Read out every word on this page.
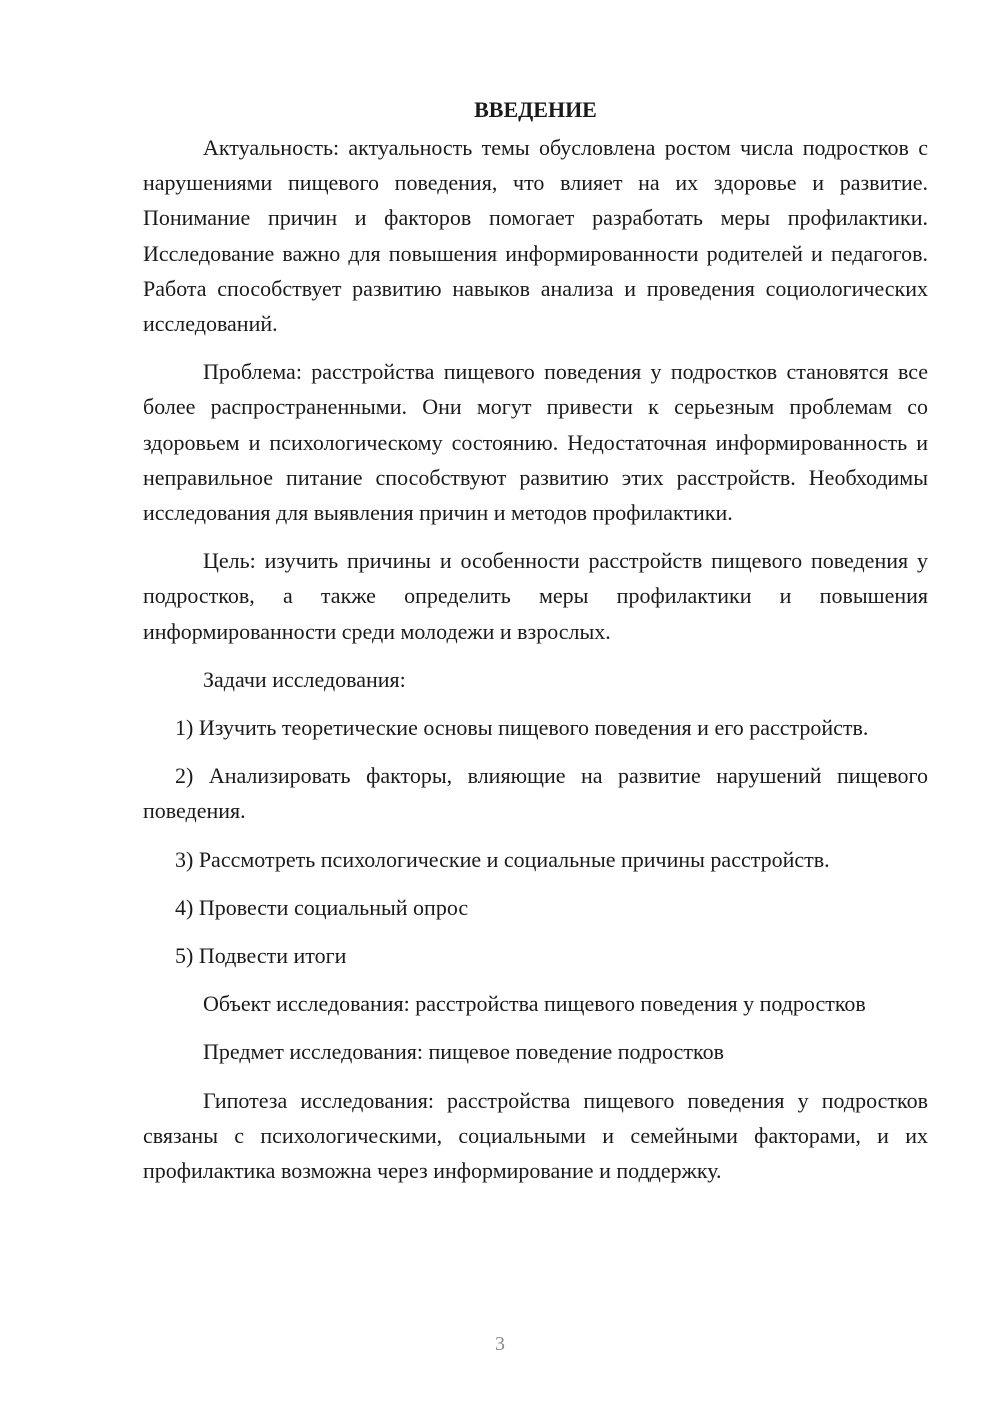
ВВЕДЕНИЕ

Актуальность: актуальность темы обусловлена ростом числа подростков с нарушениями пищевого поведения, что влияет на их здоровье и развитие. Понимание причин и факторов помогает разработать меры профилактики. Исследование важно для повышения информированности родителей и педагогов. Работа способствует развитию навыков анализа и проведения социологических исследований.

Проблема: расстройства пищевого поведения у подростков становятся все более распространенными. Они могут привести к серьезным проблемам со здоровьем и психологическому состоянию. Недостаточная информированность и неправильное питание способствуют развитию этих расстройств. Необходимы исследования для выявления причин и методов профилактики.

Цель: изучить причины и особенности расстройств пищевого поведения у подростков, а также определить меры профилактики и повышения информированности среди молодежи и взрослых.

Задачи исследования:

1) Изучить теоретические основы пищевого поведения и его расстройств.

2) Анализировать факторы, влияющие на развитие нарушений пищевого поведения.

3) Рассмотреть психологические и социальные причины расстройств.

4) Провести социальный опрос

5) Подвести итоги

Объект исследования: расстройства пищевого поведения у подростков

Предмет исследования: пищевое поведение подростков

Гипотеза исследования: расстройства пищевого поведения у подростков связаны с психологическими, социальными и семейными факторами, и их профилактика возможна через информирование и поддержку.

3
